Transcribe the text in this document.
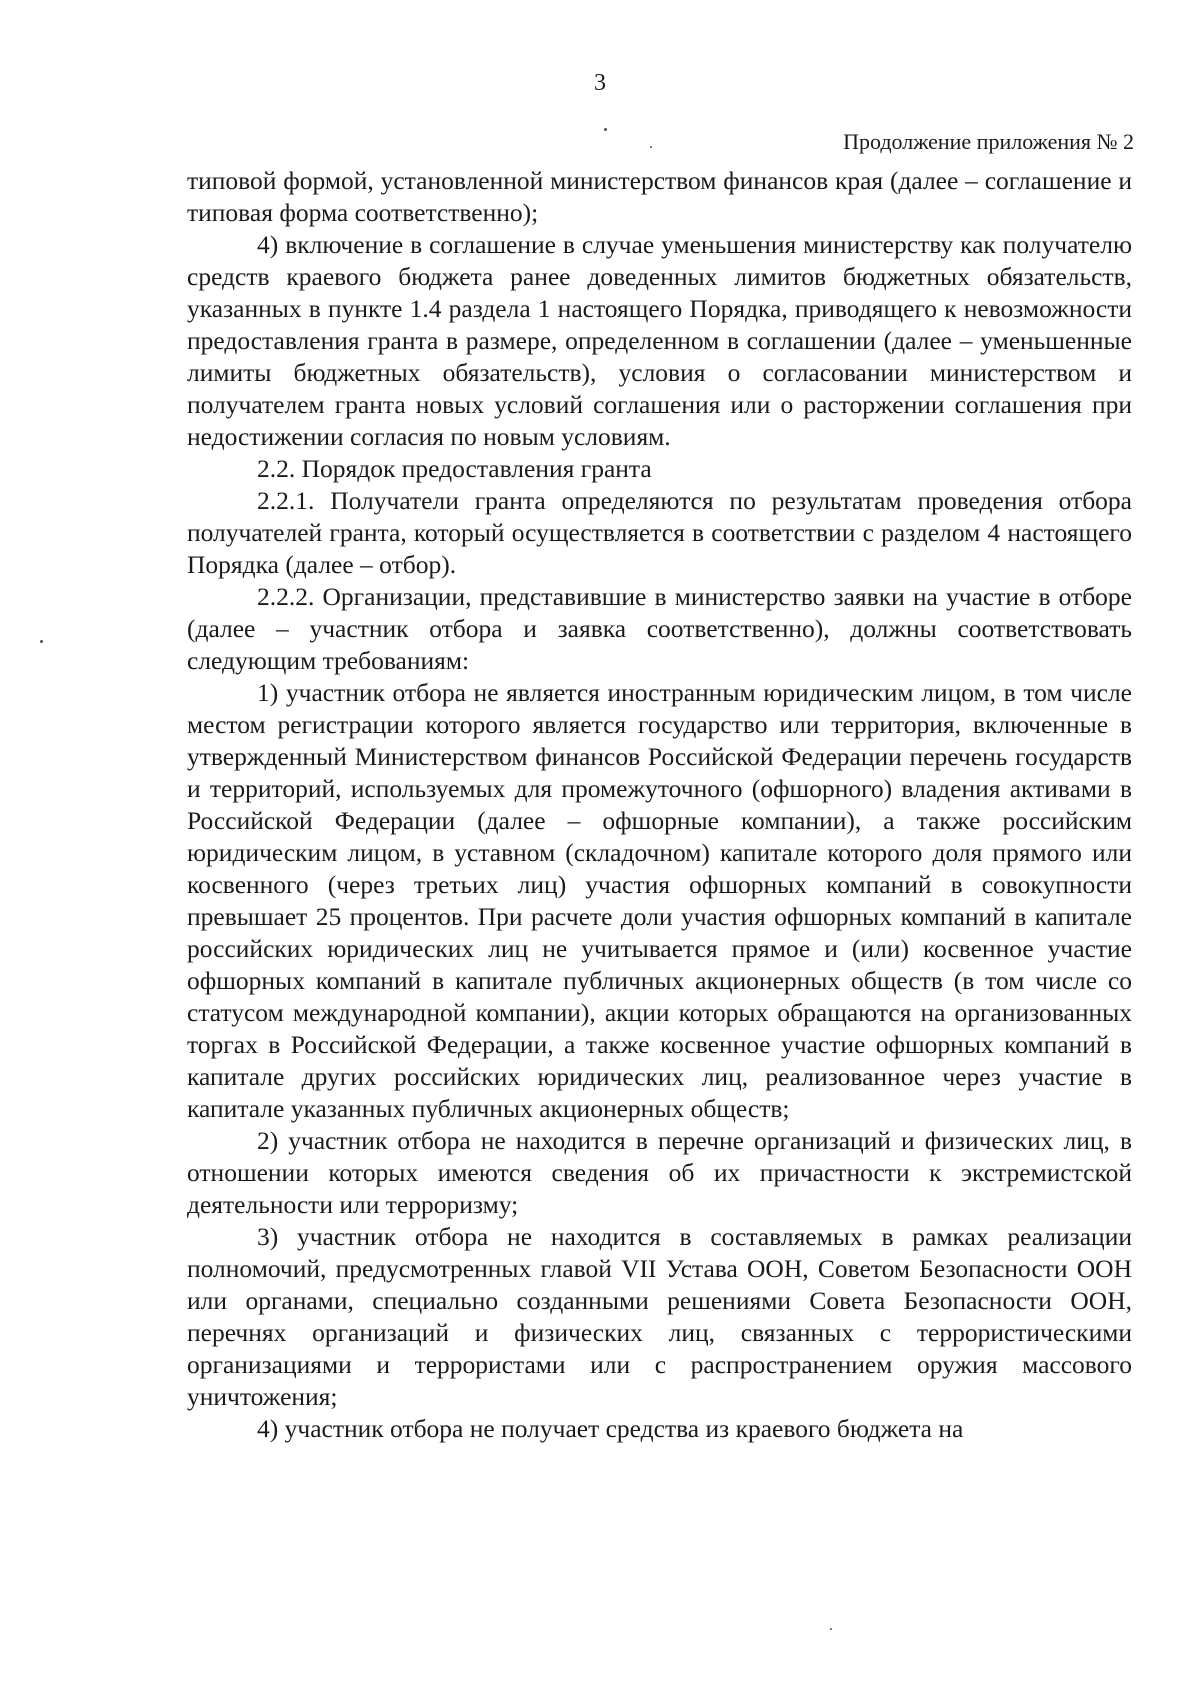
3
Продолжение приложения № 2

типовой формой, установленной министерством финансов края (далее – соглашение и типовая форма соответственно);

4) включение в соглашение в случае уменьшения министерству как получателю средств краевого бюджета ранее доведенных лимитов бюджетных обязательств, указанных в пункте 1.4 раздела 1 настоящего Порядка, приводящего к невозможности предоставления гранта в размере, определенном в соглашении (далее – уменьшенные лимиты бюджетных обязательств), условия о согласовании министерством и получателем гранта новых условий соглашения или о расторжении соглашения при недостижении согласия по новым условиям.

2.2. Порядок предоставления гранта

2.2.1. Получатели гранта определяются по результатам проведения отбора получателей гранта, который осуществляется в соответствии с разделом 4 настоящего Порядка (далее – отбор).

2.2.2. Организации, представившие в министерство заявки на участие в отборе (далее – участник отбора и заявка соответственно), должны соответствовать следующим требованиям:

1) участник отбора не является иностранным юридическим лицом, в том числе местом регистрации которого является государство или территория, включенные в утвержденный Министерством финансов Российской Федерации перечень государств и территорий, используемых для промежуточного (офшорного) владения активами в Российской Федерации (далее – офшорные компании), а также российским юридическим лицом, в уставном (складочном) капитале которого доля прямого или косвенного (через третьих лиц) участия офшорных компаний в совокупности превышает 25 процентов. При расчете доли участия офшорных компаний в капитале российских юридических лиц не учитывается прямое и (или) косвенное участие офшорных компаний в капитале публичных акционерных обществ (в том числе со статусом международной компании), акции которых обращаются на организованных торгах в Российской Федерации, а также косвенное участие офшорных компаний в капитале других российских юридических лиц, реализованное через участие в капитале указанных публичных акционерных обществ;

2) участник отбора не находится в перечне организаций и физических лиц, в отношении которых имеются сведения об их причастности к экстремистской деятельности или терроризму;

3) участник отбора не находится в составляемых в рамках реализации полномочий, предусмотренных главой VII Устава ООН, Советом Безопасности ООН или органами, специально созданными решениями Совета Безопасности ООН, перечнях организаций и физических лиц, связанных с террористическими организациями и террористами или с распространением оружия массового уничтожения;

4) участник отбора не получает средства из краевого бюджета на
